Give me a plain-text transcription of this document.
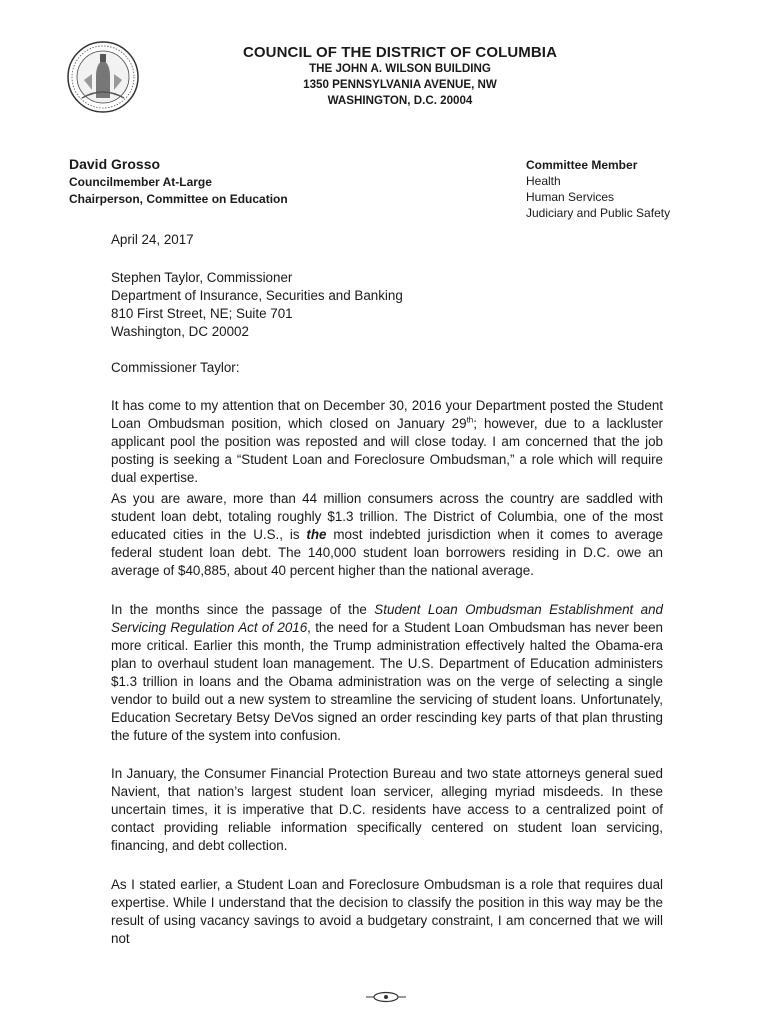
COUNCIL OF THE DISTRICT OF COLUMBIA
THE JOHN A. WILSON BUILDING
1350 PENNSYLVANIA AVENUE, NW
WASHINGTON, D.C. 20004
David Grosso
Councilmember At-Large
Chairperson, Committee on Education
Committee Member
Health
Human Services
Judiciary and Public Safety
April 24, 2017
Stephen Taylor, Commissioner
Department of Insurance, Securities and Banking
810 First Street, NE; Suite 701
Washington, DC 20002
Commissioner Taylor:
It has come to my attention that on December 30, 2016 your Department posted the Student Loan Ombudsman position, which closed on January 29th; however, due to a lackluster applicant pool the position was reposted and will close today. I am concerned that the job posting is seeking a “Student Loan and Foreclosure Ombudsman,” a role which will require dual expertise.
As you are aware, more than 44 million consumers across the country are saddled with student loan debt, totaling roughly $1.3 trillion. The District of Columbia, one of the most educated cities in the U.S., is the most indebted jurisdiction when it comes to average federal student loan debt. The 140,000 student loan borrowers residing in D.C. owe an average of $40,885, about 40 percent higher than the national average.
In the months since the passage of the Student Loan Ombudsman Establishment and Servicing Regulation Act of 2016, the need for a Student Loan Ombudsman has never been more critical. Earlier this month, the Trump administration effectively halted the Obama-era plan to overhaul student loan management. The U.S. Department of Education administers $1.3 trillion in loans and the Obama administration was on the verge of selecting a single vendor to build out a new system to streamline the servicing of student loans. Unfortunately, Education Secretary Betsy DeVos signed an order rescinding key parts of that plan thrusting the future of the system into confusion.
In January, the Consumer Financial Protection Bureau and two state attorneys general sued Navient, that nation’s largest student loan servicer, alleging myriad misdeeds. In these uncertain times, it is imperative that D.C. residents have access to a centralized point of contact providing reliable information specifically centered on student loan servicing, financing, and debt collection.
As I stated earlier, a Student Loan and Foreclosure Ombudsman is a role that requires dual expertise. While I understand that the decision to classify the position in this way may be the result of using vacancy savings to avoid a budgetary constraint, I am concerned that we will not
